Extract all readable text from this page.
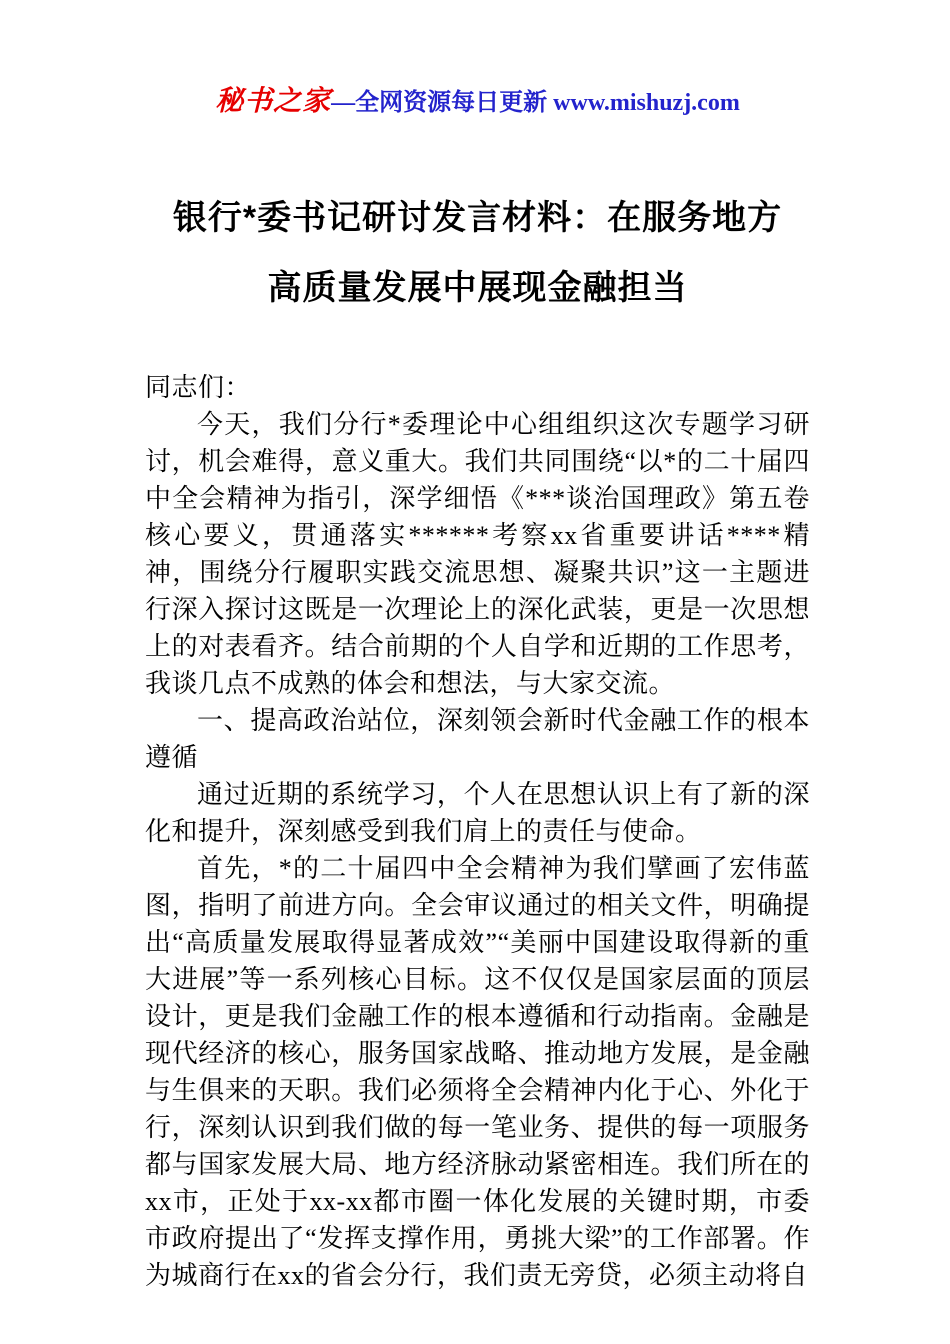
秘书之家—全网资源每日更新 www.mishuzj.com
银行*委书记研讨发言材料：在服务地方
高质量发展中展现金融担当

同志们：

今天，我们分行*委理论中心组组织这次专题学习研讨，机会难得，意义重大。我们共同围绕“以*的二十届四中全会精神为指引，深学细悟《***谈治国理政》第五卷核心要义，贯通落实******考察xx省重要讲话****精神，围绕分行履职实践交流思想、凝聚共识”这一主题进行深入探讨这既是一次理论上的深化武装，更是一次思想上的对表看齐。结合前期的个人自学和近期的工作思考，我谈几点不成熟的体会和想法，与大家交流。

一、提高政治站位，深刻领会新时代金融工作的根本遵循

通过近期的系统学习，个人在思想认识上有了新的深化和提升，深刻感受到我们肩上的责任与使命。

首先，*的二十届四中全会精神为我们擘画了宏伟蓝图，指明了前进方向。全会审议通过的相关文件，明确提出“高质量发展取得显著成效”“美丽中国建设取得新的重大进展”等一系列核心目标。这不仅仅是国家层面的顶层设计，更是我们金融工作的根本遵循和行动指南。金融是现代经济的核心，服务国家战略、推动地方发展，是金融与生俱来的天职。我们必须将全会精神内化于心、外化于行，深刻认识到我们做的每一笔业务、提供的每一项服务都与国家发展大局、地方经济脉动紧密相连。我们所在的xx市，正处于xx-xx都市圈一体化发展的关键时期，市委市政府提出了“发挥支撑作用，勇挑大梁”的工作部署。作为城商行在xx的省会分行，我们责无旁贷，必须主动将自
